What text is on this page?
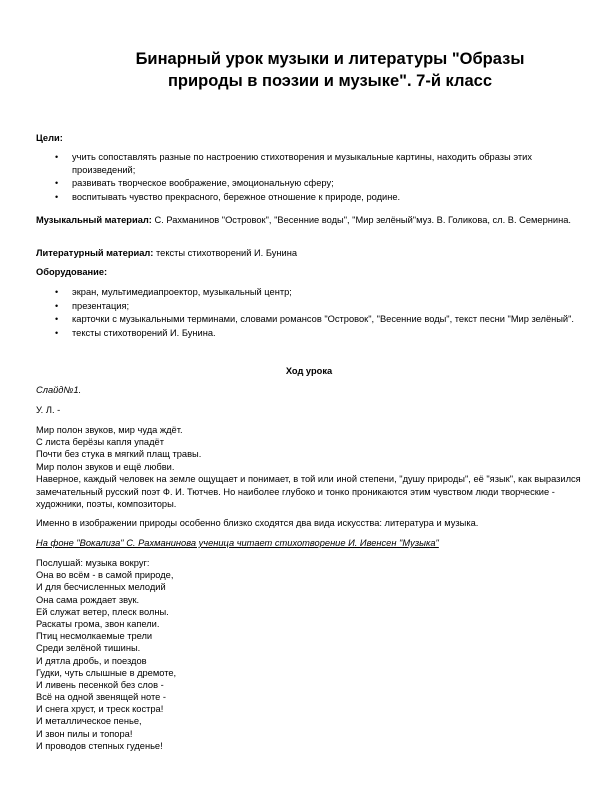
Бинарный урок музыки и литературы "Образы
природы в поэзии и музыке". 7-й класс
Цели:
• учить сопоставлять разные по настроению стихотворения и музыкальные картины, находить образы этих произведений;
• развивать творческое воображение, эмоциональную сферу;
• воспитывать чувство прекрасного, бережное отношение к природе, родине.
Музыкальный материал: С. Рахманинов "Островок", "Весенние воды", "Мир зелёный"муз. В. Голикова, сл. В. Семернина.
Литературный материал: тексты стихотворений И. Бунина
Оборудование:
• экран, мультимедиапроектор, музыкальный центр;
• презентация;
• карточки с музыкальными терминами, словами романсов "Островок", "Весенние воды", текст песни "Мир зелёный".
• тексты стихотворений И. Бунина.
Ход урока
Слайд№1.
У. Л. -
Мир полон звуков, мир чуда ждёт.
С листа берёзы капля упадёт
Почти без стука в мягкий плащ травы.
Мир полон звуков и ещё любви.
Наверное, каждый человек на земле ощущает и понимает, в той или иной степени, "душу природы", её "язык", как выразился замечательный русский поэт Ф. И. Тютчев. Но наиболее глубоко и тонко проникаются этим чувством люди творческие - художники, поэты, композиторы.
Именно в изображении природы особенно близко сходятся два вида искусства: литература и музыка.
На фоне "Вокализа" С. Рахманинова ученица читает стихотворение И. Ивенсен "Музыка"
Послушай: музыка вокруг:
Она во всём - в самой природе,
И для бесчисленных мелодий
Она сама рождает звук.
Ей служат ветер, плеск волны.
Раскаты грома, звон капели.
Птиц несмолкаемые трели
Среди зелёной тишины.
И дятла дробь, и поездов
Гудки, чуть слышные в дремоте,
И ливень песенкой без слов -
Всё на одной звенящей ноте -
И снега хруст, и треск костра!
И металлическое пенье,
И звон пилы и топора!
И проводов степных гуденье!
